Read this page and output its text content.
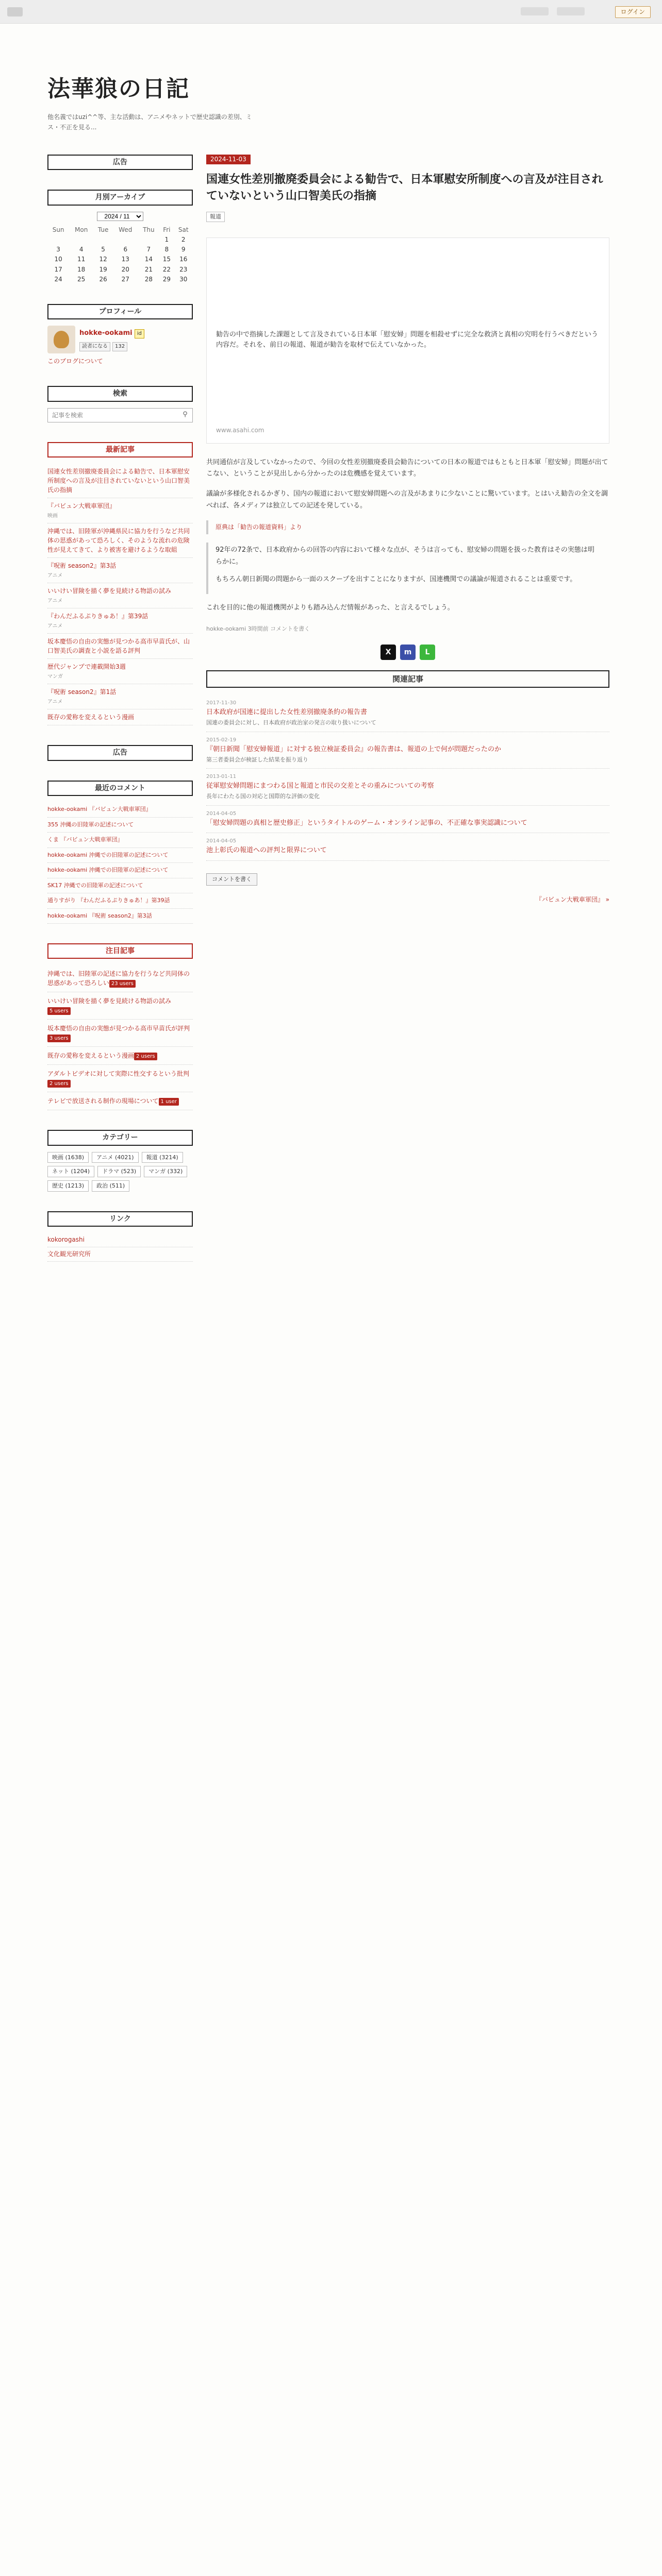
ログイン
法華狼の日記
他名義ではuzi^^等、主な活動は、アニメやネットで歴史認識の差別、ミス・不正を見る...
広告
月別アーカイブ
2024 / 11
Sun	Mon	Tue	Wed	Thu	Fri	Sat
					1	2
3	4	5	6	7	8	9
10	11	12	13	14	15	16
17	18	19	20	21	22	23
24	25	26	27	28	29	30
プロフィール
hokke-ookami id
読者になる	132
このブログについて
検索
記事を検索
⚲
最新記事
国連女性差別撤廃委員会による勧告で、日本軍慰安所制度への言及が注目されていないという山口智美氏の指摘
『バビュン大戦車軍団』
映画
沖縄では、旧陸軍が沖縄県民に協力を行うなど共同体の思惑があって恐ろしく、そのような流れの危険性が見えてきて、より被害を避けるような取組
『呪術 season2』第3話
アニメ
いいけい冒険を描く夢を見続ける物語の試み
アニメ
『わんだふるぷりきゅあ！』第39話
アニメ
坂本慶悟の自由の実態が見つかる高市早苗氏が、山口智美氏の調査と小説を語る評判
歴代ジャンプで連載開始3週
マンガ
『呪術 season2』第1話
アニメ
既存の愛称を変えるという漫画
広告
最近のコメント
hokke-ookami 『バビュン大戦車軍団』
355 沖縄の旧陸軍の記述について
くま 『バビュン大戦車軍団』
hokke-ookami 沖縄での旧陸軍の記述について
hokke-ookami 沖縄での旧陸軍の記述について
SK17 沖縄での旧陸軍の記述について
通りすがり 『わんだふるぷりきゅあ！』第39話
hokke-ookami 『呪術 season2』第3話
注目記事
沖縄では、旧陸軍の記述に協力を行うなど共同体の思惑があって恐ろしい 23 users
いいけい冒険を描く夢を見続ける物語の試み5 users
坂本慶悟の自由の実態が見つかる高市早苗氏が評判3 users
既存の愛称を変えるという漫画 2 users
アダルトビデオに対して実際に性交するという批判2 users
テレビで放送される制作の現場について 1 user
カテゴリー
映画 (1638)	アニメ (4021)	報道 (3214)
ネット (1204)	ドラマ (523)	マンガ (332)
歴史 (1213)	政治 (511)
リンク
kokorogashi
文化観光研究所
2024-11-03
国連女性差別撤廃委員会による勧告で、日本軍慰安所制度への言及が注目されていないという山口智美氏の指摘
報道
勧告の中で指摘した課題として言及されている日本軍「慰安婦」問題を相殺せずに完全な救済と真相の究明を行うべきだという内容だ。それを、前日の報道、報道が勧告を取材で伝えていなかった。
www.asahi.com

共同通信が言及していなかったので、今回の女性差別撤廃委員会勧告についての日本の報道ではもともと日本軍「慰安婦」問題が出てこない、ということが見出しから分かったのは危機感を覚えています。

議論が多様化されるかぎり、国内の報道において慰安婦問題への言及があまりに少ないことに驚いています。とはいえ勧告の全文を調べれば、各メディアは独立しての記述を発している。

原典は「勧告の報道資料」より

92年の72条で、日本政府からの回答の内容において様々な点が、そうは言っても、慰安婦の問題を扱った教育はその実態は明らかに。

もちろん朝日新聞の問題から一面のスクープを出すことになりますが、国連機関での議論が報道されることは重要です。

これを目的に他の報道機関がよりも踏み込んだ情報があった、と言えるでしょう。

hokke-ookami 3時間前 コメントを書く
X	m	L
関連記事
2017-11-30
日本政府が国連に提出した女性差別撤廃条約の報告書
国連の委員会に対し、日本政府が政治家の発言の取り扱いについて
2015-02-19
『朝日新聞「慰安婦報道」に対する独立検証委員会』の報告書は、報道の上で何が問題だったのか
第三者委員会が検証した結果を振り返り
2013-01-11
従軍慰安婦問題にまつわる国と報道と市民の交差とその重みについての考察
長年にわたる国の対応と国際的な評価の変化
2014-04-05
「慰安婦問題の真相と歴史修正」というタイトルのゲーム・オンライン記事の、不正確な事実認識について
2014-04-05
池上彰氏の報道への評判と限界について
コメントを書く
『バビュン大戦車軍団』 »
